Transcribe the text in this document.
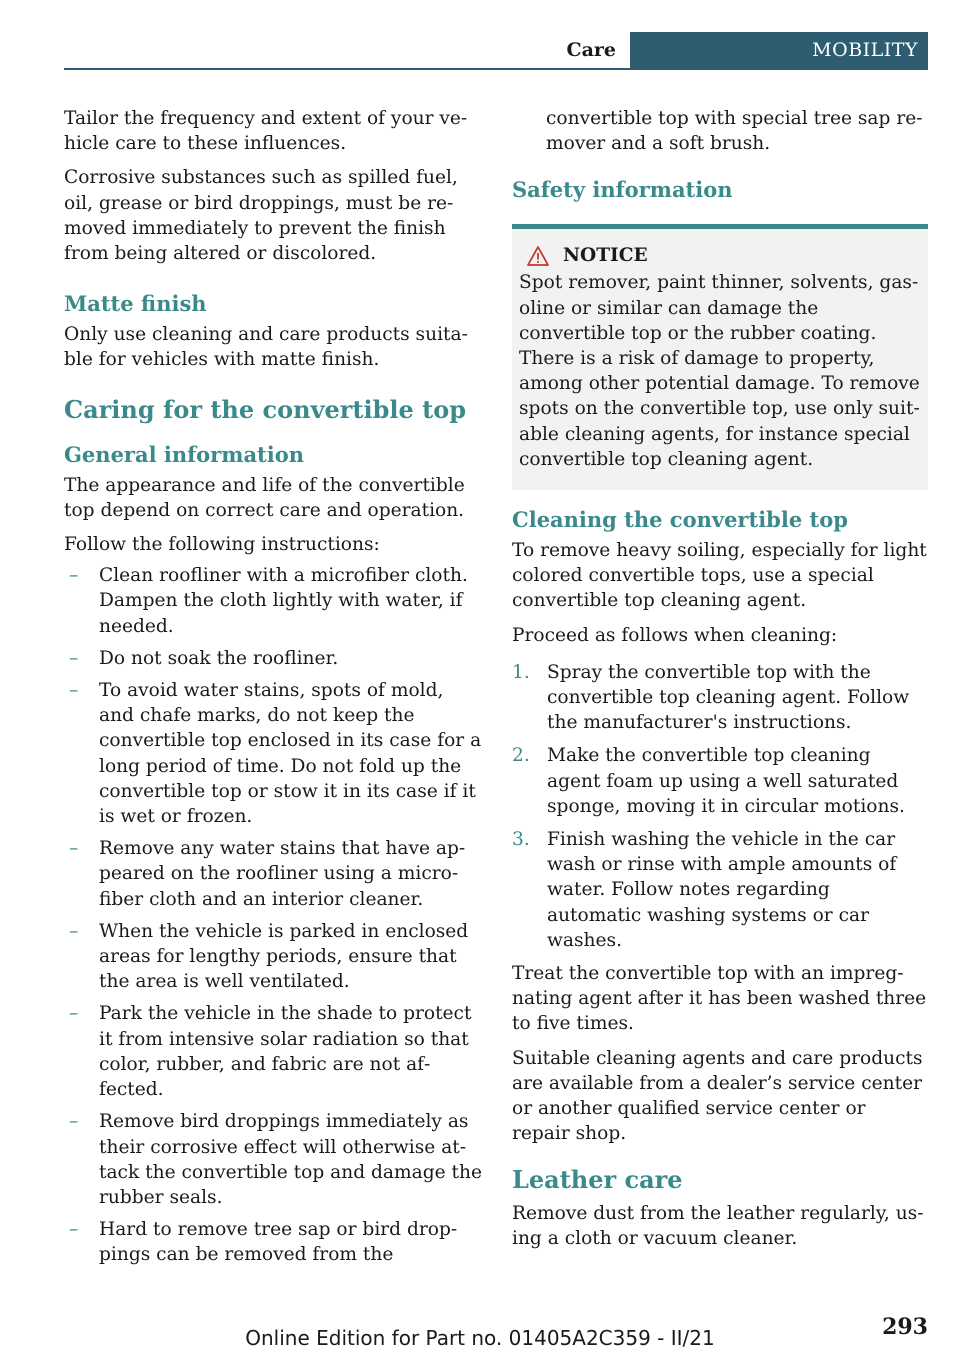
Care	MOBILITY

Tailor the frequency and extent of your ve‐ hicle care to these influences.

Corrosive substances such as spilled fuel, oil, grease or bird droppings, must be re‐ moved immediately to prevent the finish from being altered or discolored.

Matte finish

Only use cleaning and care products suita‐ ble for vehicles with matte finish.

Caring for the convertible top
General information

The appearance and life of the convertible top depend on correct care and operation.

Follow the following instructions:

– Clean roofliner with a microfiber cloth. Dampen the cloth lightly with water, if needed.
– Do not soak the roofliner.
– To avoid water stains, spots of mold, and chafe marks, do not keep the convertible top enclosed in its case for a long period of time. Do not fold up the convertible top or stow it in its case if it is wet or frozen.
– Remove any water stains that have ap‐ peared on the roofliner using a micro‐ fiber cloth and an interior cleaner.
– When the vehicle is parked in enclosed areas for lengthy periods, ensure that the area is well ventilated.
– Park the vehicle in the shade to protect it from intensive solar radiation so that color, rubber, and fabric are not af‐ fected.
– Remove bird droppings immediately as their corrosive effect will otherwise at‐ tack the convertible top and damage the rubber seals.
– Hard to remove tree sap or bird drop‐ pings can be removed from the

convertible top with special tree sap re‐ mover and a soft brush.

Safety information
NOTICE

Spot remover, paint thinner, solvents, gas‐ oline or similar can damage the convertible top or the rubber coating. There is a risk of damage to property, among other potential damage. To remove spots on the convertible top, use only suit‐ able cleaning agents, for instance special convertible top cleaning agent.

Cleaning the convertible top

To remove heavy soiling, especially for light colored convertible tops, use a special convertible top cleaning agent.

Proceed as follows when cleaning:

1. Spray the convertible top with the convertible top cleaning agent. Follow the manufacturer's instructions.
2. Make the convertible top cleaning agent foam up using a well saturated sponge, moving it in circular motions.
3. Finish washing the vehicle in the car wash or rinse with ample amounts of water. Follow notes regarding automatic washing systems or car washes.

Treat the convertible top with an impreg‐ nating agent after it has been washed three to five times.

Suitable cleaning agents and care products are available from a dealer’s service center or another qualified service center or repair shop.

Leather care

Remove dust from the leather regularly, us‐ ing a cloth or vacuum cleaner.

293
Online Edition for Part no. 01405A2C359 - II/21
